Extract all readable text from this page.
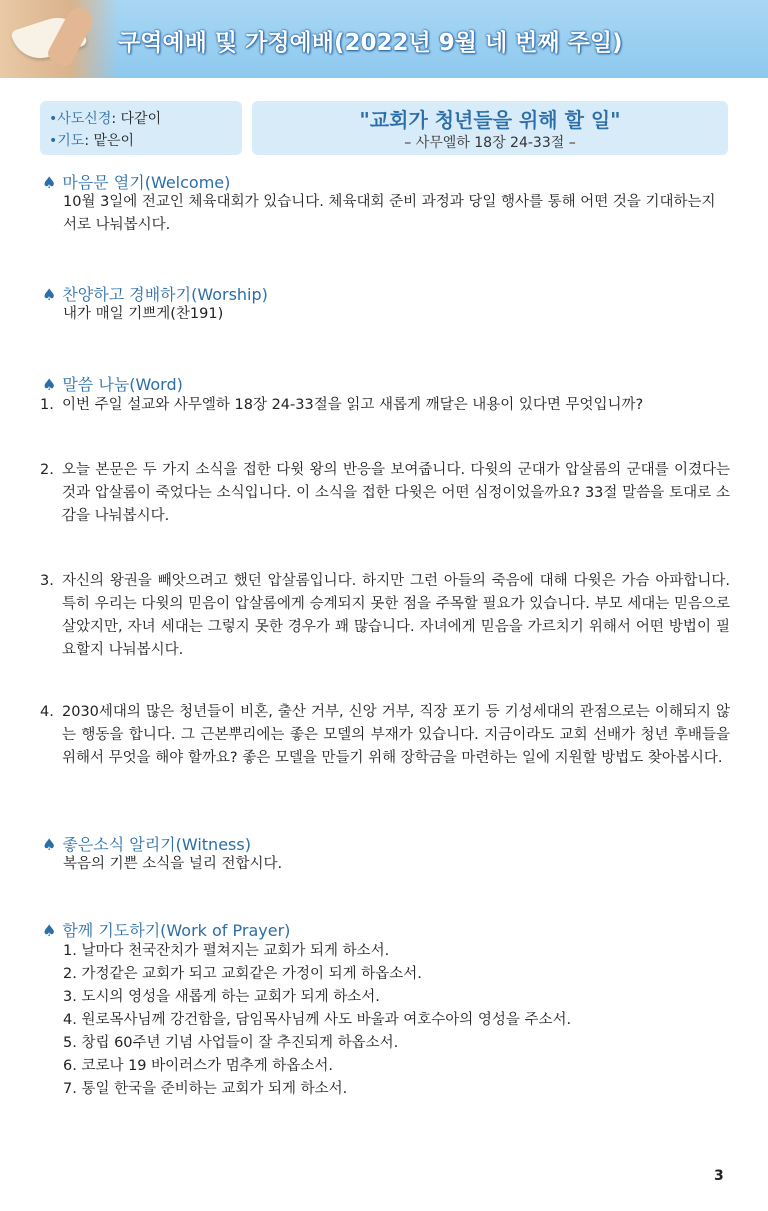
구역예배 및 가정예배(2022년 9월 네 번째 주일)
•사도신경: 다같이
•기도: 맡은이
"교회가 청년들을 위해 할 일"
– 사무엘하 18장 24-33절 –
♠ 마음문 열기(Welcome)
10월 3일에 전교인 체육대회가 있습니다. 체육대회 준비 과정과 당일 행사를 통해 어떤 것을 기대하는지 서로 나눠봅시다.
♠ 찬양하고 경배하기(Worship)
내가 매일 기쁘게(찬191)
♠ 말씀 나눔(Word)
1. 이번 주일 설교와 사무엘하 18장 24-33절을 읽고 새롭게 깨달은 내용이 있다면 무엇입니까?
2. 오늘 본문은 두 가지 소식을 접한 다윗 왕의 반응을 보여줍니다. 다윗의 군대가 압살롬의 군대를 이겼다는 것과 압살롬이 죽었다는 소식입니다. 이 소식을 접한 다윗은 어떤 심정이었을까요? 33절 말씀을 토대로 소감을 나눠봅시다.
3. 자신의 왕권을 빼앗으려고 했던 압살롬입니다. 하지만 그런 아들의 죽음에 대해 다윗은 가슴 아파합니다. 특히 우리는 다윗의 믿음이 압살롬에게 승계되지 못한 점을 주목할 필요가 있습니다. 부모 세대는 믿음으로 살았지만, 자녀 세대는 그렇지 못한 경우가 꽤 많습니다. 자녀에게 믿음을 가르치기 위해서 어떤 방법이 필요할지 나눠봅시다.
4. 2030세대의 많은 청년들이 비혼, 출산 거부, 신앙 거부, 직장 포기 등 기성세대의 관점으로는 이해되지 않는 행동을 합니다. 그 근본뿌리에는 좋은 모델의 부재가 있습니다. 지금이라도 교회 선배가 청년 후배들을 위해서 무엇을 해야 할까요? 좋은 모델을 만들기 위해 장학금을 마련하는 일에 지원할 방법도 찾아봅시다.
♠ 좋은소식 알리기(Witness)
복음의 기쁜 소식을 널리 전합시다.
♠ 함께 기도하기(Work of Prayer)
1. 날마다 천국잔치가 펼쳐지는 교회가 되게 하소서.
2. 가정같은 교회가 되고 교회같은 가정이 되게 하옵소서.
3. 도시의 영성을 새롭게 하는 교회가 되게 하소서.
4. 원로목사님께 강건함을, 담임목사님께 사도 바울과 여호수아의 영성을 주소서.
5. 창립 60주년 기념 사업들이 잘 추진되게 하옵소서.
6. 코로나 19 바이러스가 멈추게 하옵소서.
7. 통일 한국을 준비하는 교회가 되게 하소서.
3
